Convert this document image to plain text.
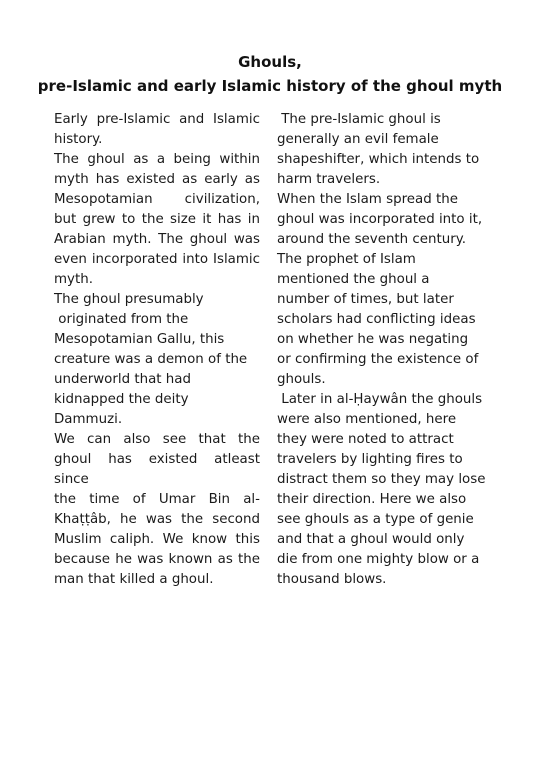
Ghouls,
pre-Islamic and early Islamic history of the ghoul myth

Early pre-Islamic and Islamic
history.

The ghoul as a being within
myth has existed as early as
Mesopotamian civilization,
but grew to the size it has in
Arabian myth. The ghoul was
even incorporated into Islamic
myth.

The ghoul presumably
originated from the
Mesopotamian Gallu, this
creature was a demon of the
underworld that had
kidnapped the deity
Dammuzi.

We can also see that the
ghoul has existed atleast since
the time of Umar Bin al-
Khaṭṭâb, he was the second
Muslim caliph. We know this
because he was known as the
man that killed a ghoul.

The pre-Islamic ghoul is
generally an evil female
shapeshifter, which intends to
harm travelers.

When the Islam spread the
ghoul was incorporated into it,
around the seventh century.

The prophet of Islam
mentioned the ghoul a
number of times, but later
scholars had conflicting ideas
on whether he was negating
or confirming the existence of
ghouls.

Later in al-Ḥaywân the ghouls
were also mentioned, here
they were noted to attract
travelers by lighting fires to
distract them so they may lose
their direction. Here we also
see ghouls as a type of genie
and that a ghoul would only
die from one mighty blow or a
thousand blows.
